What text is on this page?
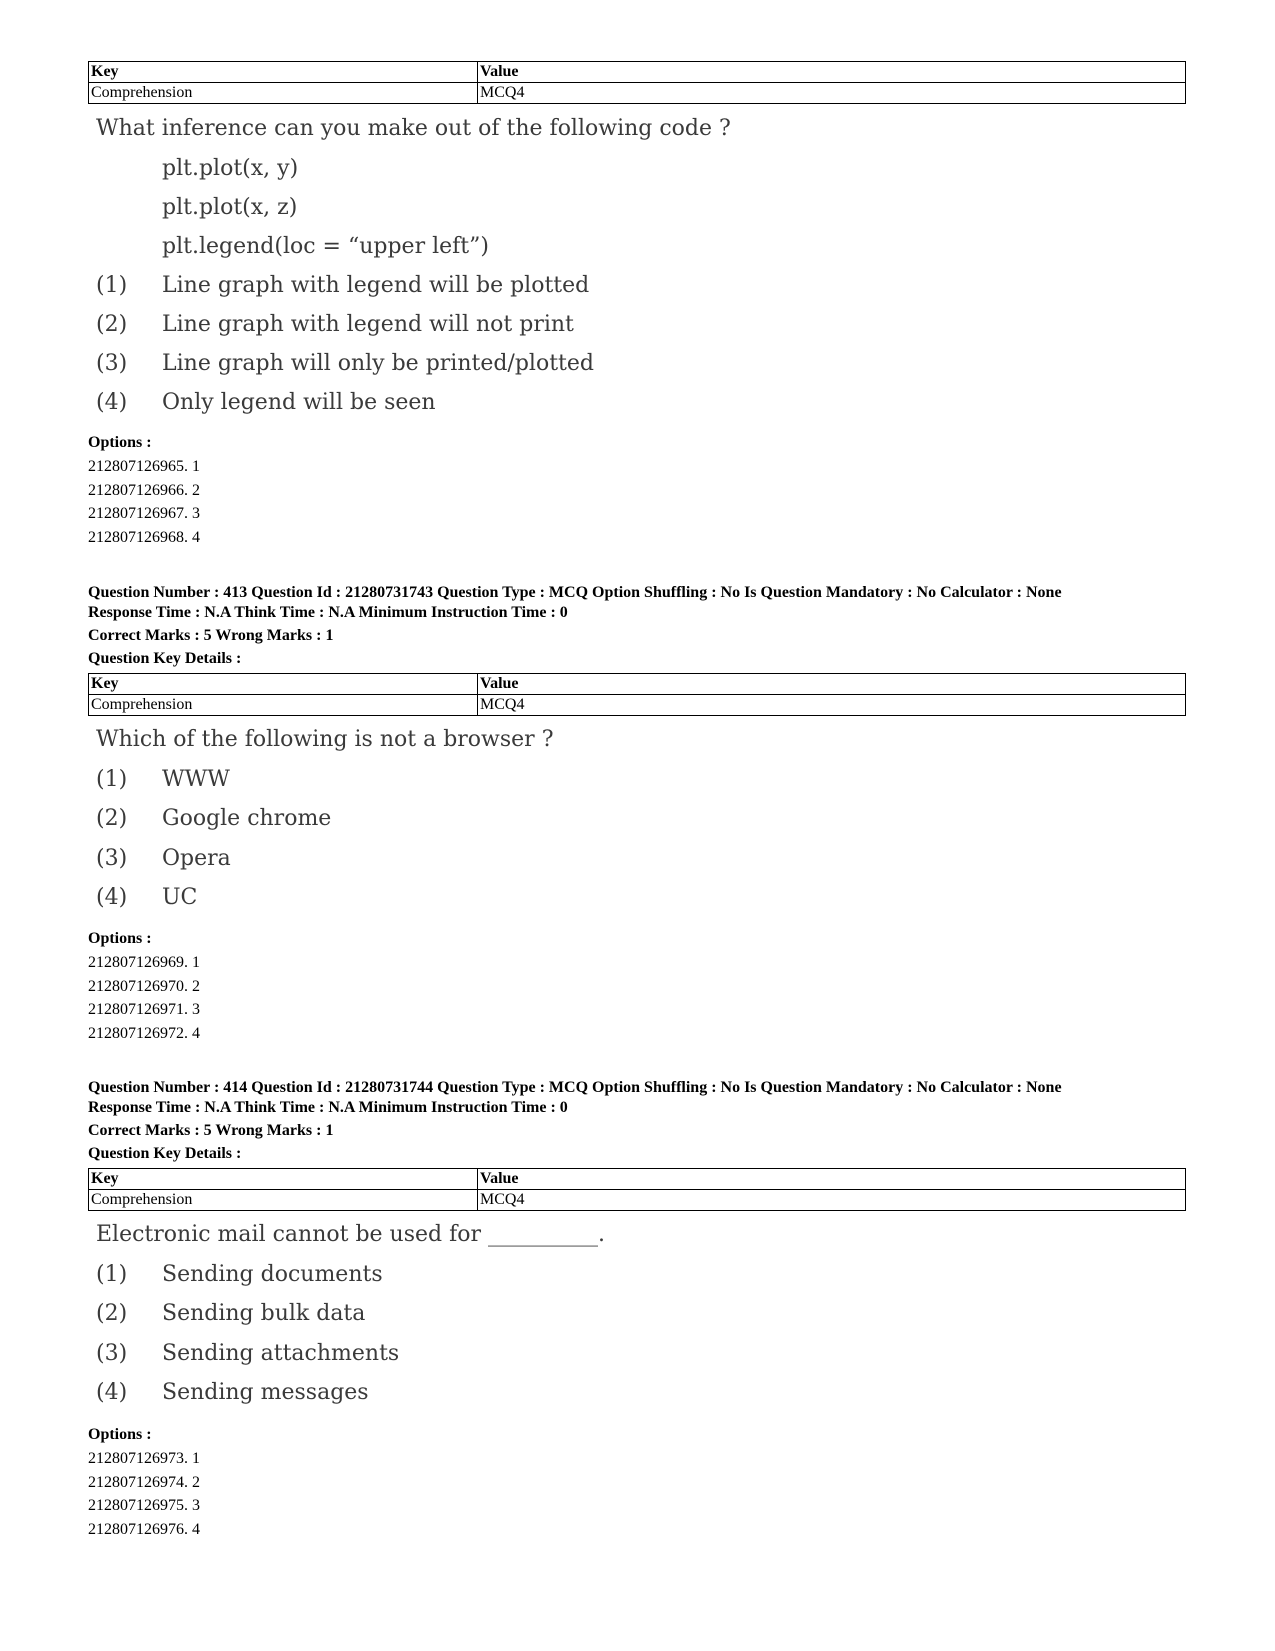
Key	Value
Comprehension	MCQ4
What inference can you make out of the following code ?
plt.plot(x, y)
plt.plot(x, z)
plt.legend(loc = “upper left”)
(1) Line graph with legend will be plotted
(2) Line graph with legend will not print
(3) Line graph will only be printed/plotted
(4) Only legend will be seen
Options :
212807126965. 1
212807126966. 2
212807126967. 3
212807126968. 4
Question Number : 413 Question Id : 21280731743 Question Type : MCQ Option Shuffling : No Is Question Mandatory : No Calculator : None
Response Time : N.A Think Time : N.A Minimum Instruction Time : 0
Correct Marks : 5 Wrong Marks : 1
Question Key Details :
Key	Value
Comprehension	MCQ4
Which of the following is not a browser ?
(1) WWW
(2) Google chrome
(3) Opera
(4) UC
Options :
212807126969. 1
212807126970. 2
212807126971. 3
212807126972. 4
Question Number : 414 Question Id : 21280731744 Question Type : MCQ Option Shuffling : No Is Question Mandatory : No Calculator : None
Response Time : N.A Think Time : N.A Minimum Instruction Time : 0
Correct Marks : 5 Wrong Marks : 1
Question Key Details :
Key	Value
Comprehension	MCQ4
Electronic mail cannot be used for __________.
(1) Sending documents
(2) Sending bulk data
(3) Sending attachments
(4) Sending messages
Options :
212807126973. 1
212807126974. 2
212807126975. 3
212807126976. 4
